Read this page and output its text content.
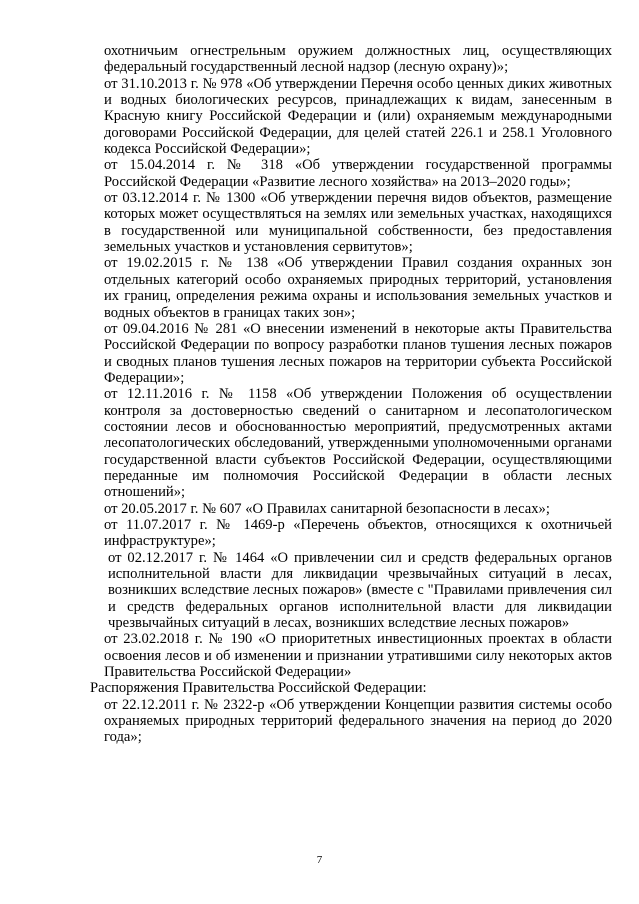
охотничьим огнестрельным оружием должностных лиц, осуществляющих федеральный государственный лесной надзор (лесную охрану)»;

от 31.10.2013 г. № 978 «Об утверждении Перечня особо ценных диких животных и водных биологических ресурсов, принадлежащих к видам, занесенным в Красную книгу Российской Федерации и (или) охраняемым международными договорами Российской Федерации, для целей статей 226.1 и 258.1 Уголовного кодекса Российской Федерации»;

от 15.04.2014 г. № 318 «Об утверждении государственной программы Российской Федерации «Развитие лесного хозяйства» на 2013–2020 годы»;

от 03.12.2014 г. № 1300 «Об утверждении перечня видов объектов, размещение которых может осуществляться на землях или земельных участках, находящихся в государственной или муниципальной собственности, без предоставления земельных участков и установления сервитутов»;

от 19.02.2015 г. № 138 «Об утверждении Правил создания охранных зон отдельных категорий особо охраняемых природных территорий, установления их границ, определения режима охраны и использования земельных участков и водных объектов в границах таких зон»;

от 09.04.2016 № 281 «О внесении изменений в некоторые акты Правительства Российской Федерации по вопросу разработки планов тушения лесных пожаров и сводных планов тушения лесных пожаров на территории субъекта Российской Федерации»;

от 12.11.2016 г. № 1158 «Об утверждении Положения об осуществлении контроля за достоверностью сведений о санитарном и лесопатологическом состоянии лесов и обоснованностью мероприятий, предусмотренных актами лесопатологических обследований, утвержденными уполномоченными органами государственной власти субъектов Российской Федерации, осуществляющими переданные им полномочия Российской Федерации в области лесных отношений»;

от 20.05.2017 г. № 607 «О Правилах санитарной безопасности в лесах»;

от 11.07.2017 г. № 1469-р «Перечень объектов, относящихся к охотничьей инфраструктуре»;

от 02.12.2017 г. № 1464 «О привлечении сил и средств федеральных органов исполнительной власти для ликвидации чрезвычайных ситуаций в лесах, возникших вследствие лесных пожаров» (вместе с "Правилами привлечения сил и средств федеральных органов исполнительной власти для ликвидации чрезвычайных ситуаций в лесах, возникших вследствие лесных пожаров»

от 23.02.2018 г. № 190 «О приоритетных инвестиционных проектах в области освоения лесов и об изменении и признании утратившими силу некоторых актов Правительства Российской Федерации»

Распоряжения Правительства Российской Федерации:

от 22.12.2011 г. № 2322-р «Об утверждении Концепции развития системы особо охраняемых природных территорий федерального значения на период до 2020 года»;

7
